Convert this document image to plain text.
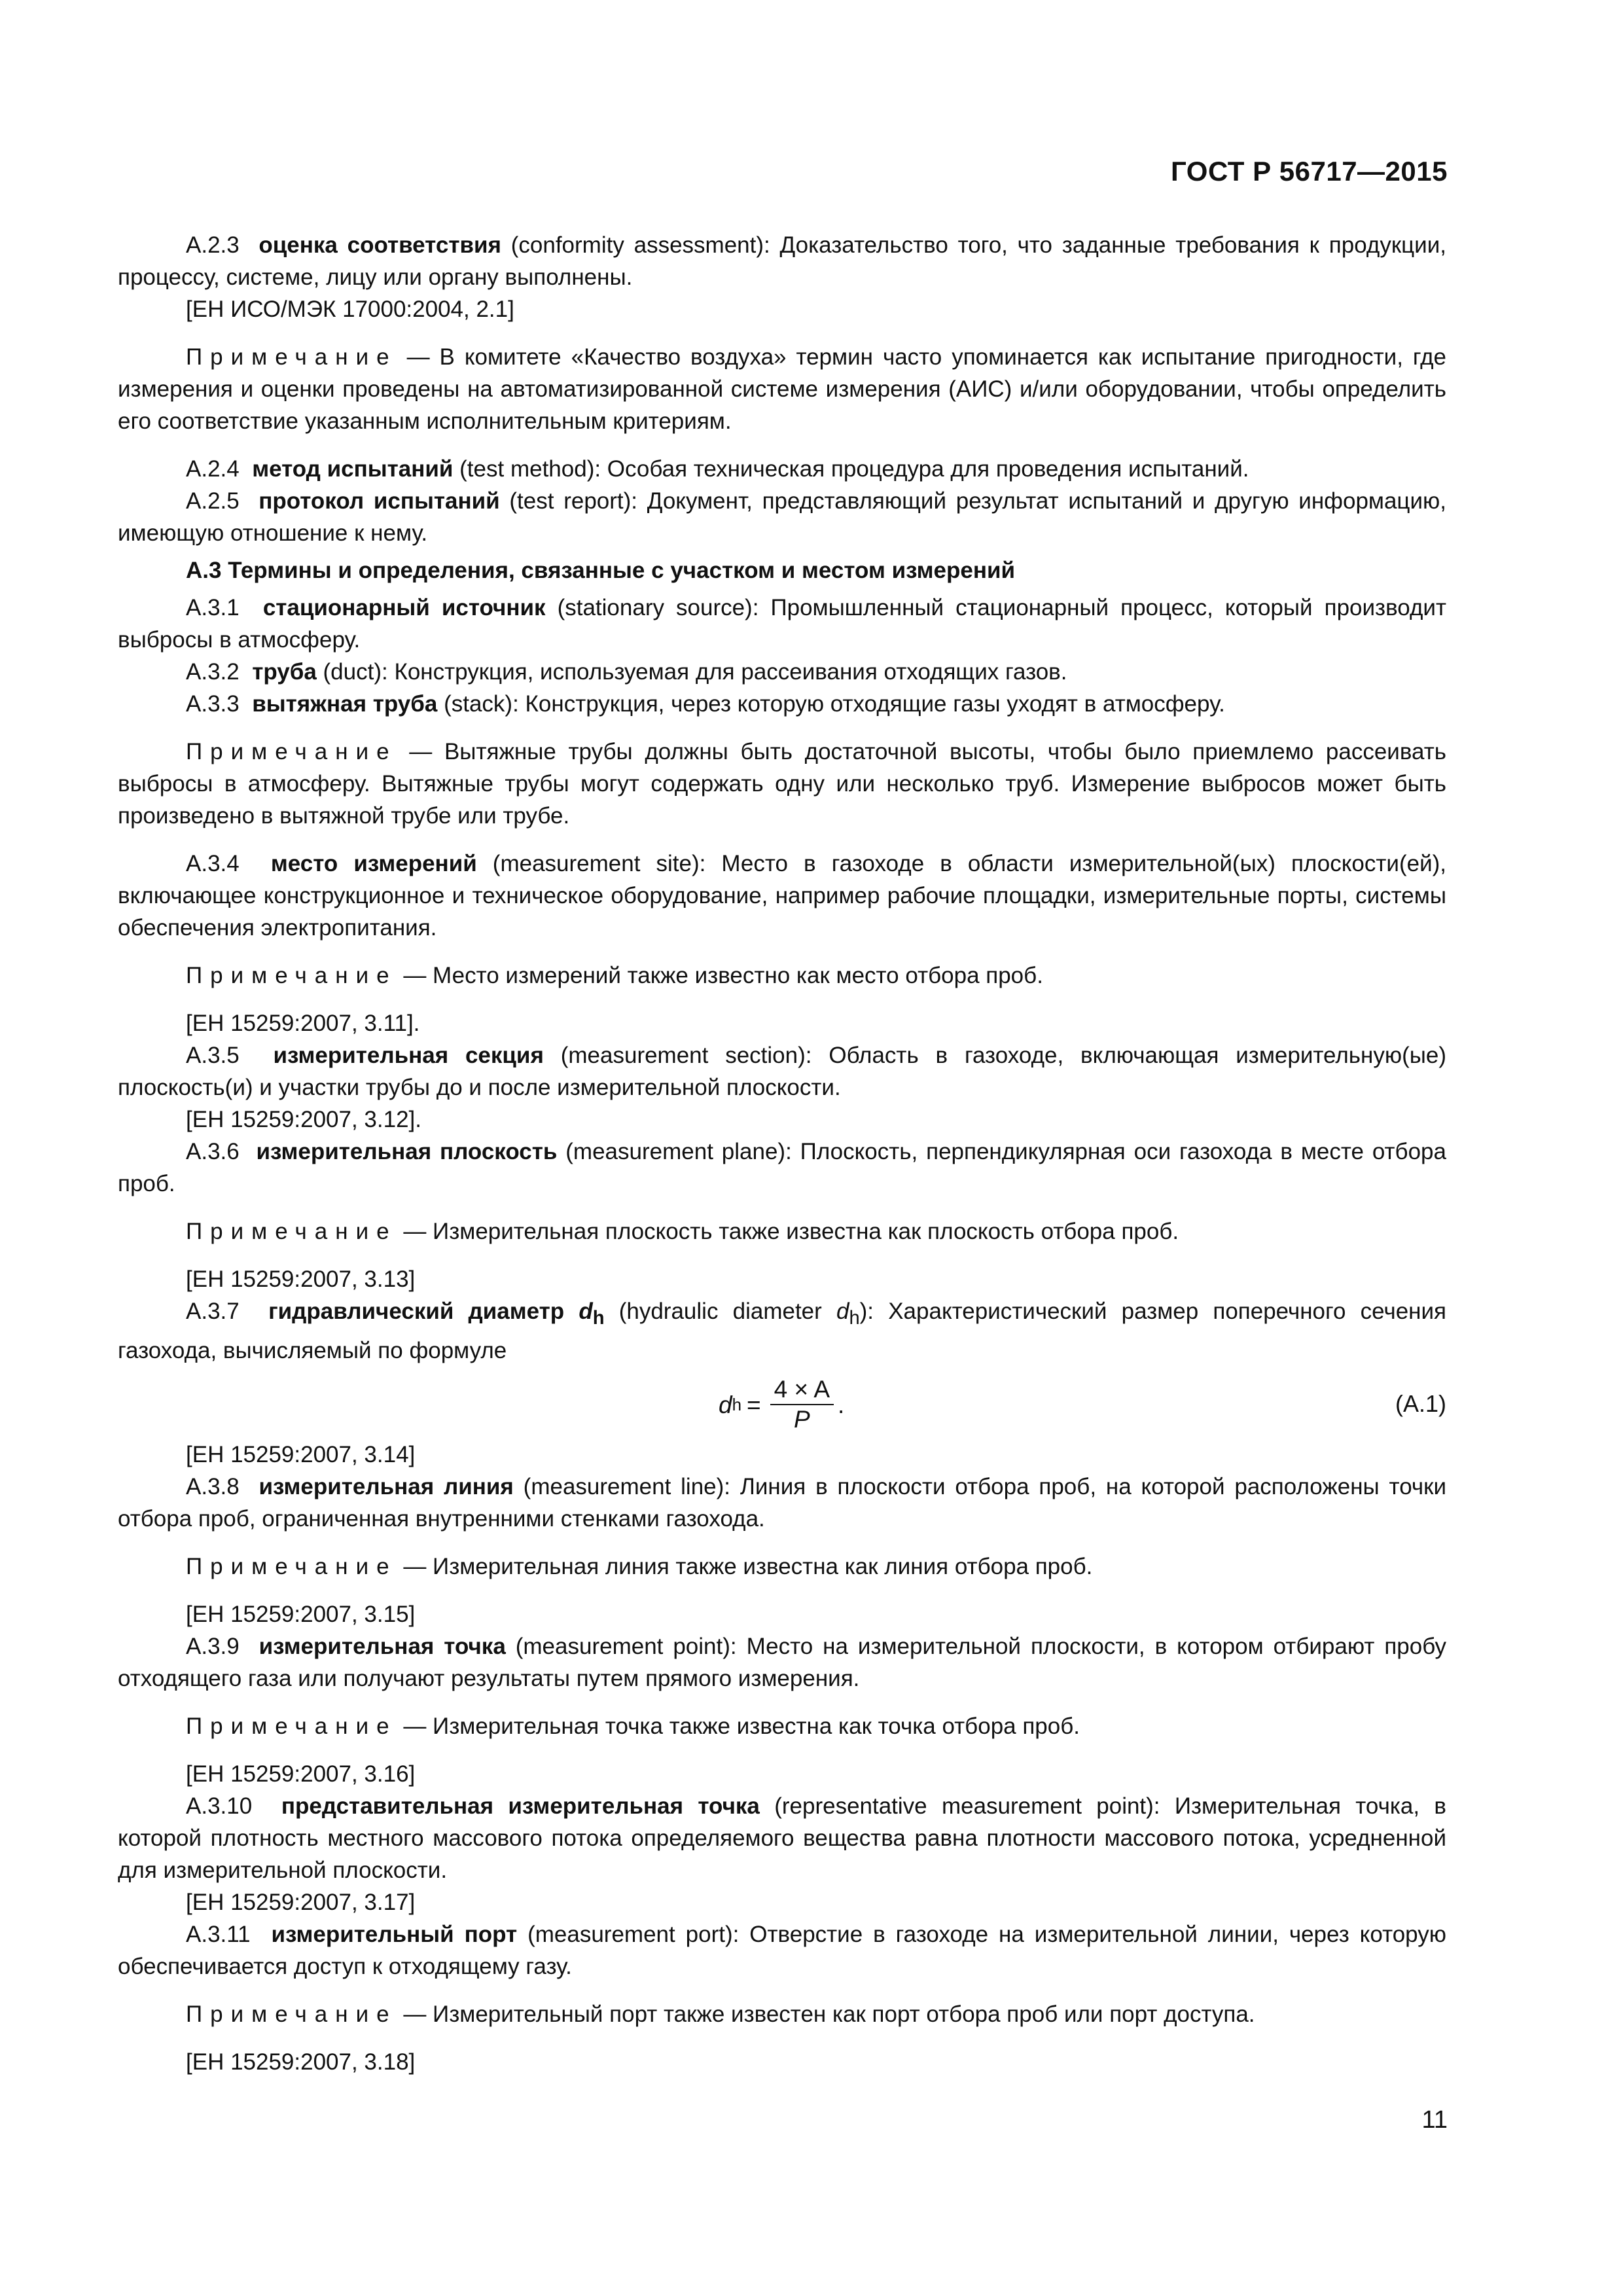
ГОСТ Р 56717—2015

А.2.3 оценка соответствия (conformity assessment): Доказательство того, что заданные требования к продукции, процессу, системе, лицу или органу выполнены.

[ЕН ИСО/МЭК 17000:2004, 2.1]

Примечание — В комитете «Качество воздуха» термин часто упоминается как испытание пригодности, где измерения и оценки проведены на автоматизированной системе измерения (АИС) и/или оборудовании, чтобы определить его соответствие указанным исполнительным критериям.

А.2.4 метод испытаний (test method): Особая техническая процедура для проведения испытаний.

А.2.5 протокол испытаний (test report): Документ, представляющий результат испытаний и другую информацию, имеющую отношение к нему.

А.3 Термины и определения, связанные с участком и местом измерений

А.3.1 стационарный источник (stationary source): Промышленный стационарный процесс, который производит выбросы в атмосферу.

А.3.2 труба (duct): Конструкция, используемая для рассеивания отходящих газов.

А.3.3 вытяжная труба (stack): Конструкция, через которую отходящие газы уходят в атмосферу.

Примечание — Вытяжные трубы должны быть достаточной высоты, чтобы было приемлемо рассеивать выбросы в атмосферу. Вытяжные трубы могут содержать одну или несколько труб. Измерение выбросов может быть произведено в вытяжной трубе или трубе.

А.3.4 место измерений (measurement site): Место в газоходе в области измерительной(ых) плоскости(ей), включающее конструкционное и техническое оборудование, например рабочие площадки, измерительные порты, системы обеспечения электропитания.

Примечание — Место измерений также известно как место отбора проб.

[ЕН 15259:2007, 3.11].

А.3.5 измерительная секция (measurement section): Область в газоходе, включающая измерительную(ые) плоскость(и) и участки трубы до и после измерительной плоскости.

[ЕН 15259:2007, 3.12].

А.3.6 измерительная плоскость (measurement plane): Плоскость, перпендикулярная оси газохода в месте отбора проб.

Примечание — Измерительная плоскость также известна как плоскость отбора проб.

[ЕН 15259:2007, 3.13]

А.3.7 гидравлический диаметр $d_h$ (hydraulic diameter $d_h$): Характеристический размер поперечного сечения газохода, вычисляемый по формуле

d $h = \frac{4 \times A}{P}$ .	(А.1)

[ЕН 15259:2007, 3.14]

А.3.8 измерительная линия (measurement line): Линия в плоскости отбора проб, на которой расположены точки отбора проб, ограниченная внутренними стенками газохода.

Примечание — Измерительная линия также известна как линия отбора проб.

[ЕН 15259:2007, 3.15]

А.3.9 измерительная точка (measurement point): Место на измерительной плоскости, в котором отбирают пробу отходящего газа или получают результаты путем прямого измерения.

Примечание — Измерительная точка также известна как точка отбора проб.

[ЕН 15259:2007, 3.16]

А.3.10 представительная измерительная точка (representative measurement point): Измерительная точка, в которой плотность местного массового потока определяемого вещества равна плотности массового потока, усредненной для измерительной плоскости.

[ЕН 15259:2007, 3.17]

А.3.11 измерительный порт (measurement port): Отверстие в газоходе на измерительной линии, через которую обеспечивается доступ к отходящему газу.

Примечание — Измерительный порт также известен как порт отбора проб или порт доступа.

[ЕН 15259:2007, 3.18]

11
